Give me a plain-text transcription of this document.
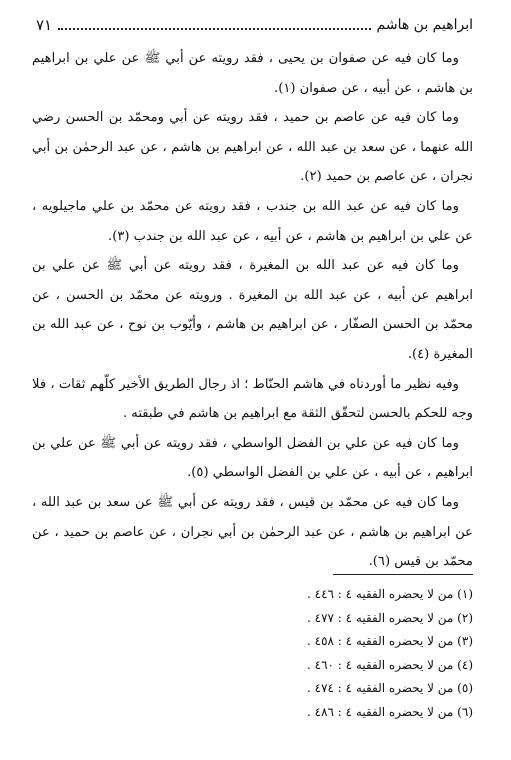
ابراهيم بن هاشم
٧١

وما كان فيه عن صفوان بن يحيى ، فقد رويته عن أبي ﷺ عن علي بن ابراهيم بن هاشم ، عن أبيه ، عن صفوان (١).

وما كان فيه عن عاصم بن حميد ، فقد رويته عن أبي ومحمّد بن الحسن رضي الله عنهما ، عن سعد بن عبد الله ، عن ابراهيم بن هاشم ، عن عبد الرحمٰن بن أبي نجران ، عن عاصم بن حميد (٢).

وما كان فيه عن عبد الله بن جندب ، فقد رويته عن محمّد بن علي ماجيلويه ، عن علي بن ابراهيم بن هاشم ، عن أبيه ، عن عبد الله بن جندب (٣).

وما كان فيه عن عبد الله بن المغيرة ، فقد رويته عن أبي ﷺ عن علي بن ابراهيم عن أبيه ، عن عبد الله بن المغيرة . ورويته عن محمّد بن الحسن ، عن محمّد بن الحسن الصفّار ، عن ابراهيم بن هاشم ، وأيّوب بن نوح ، عن عبد الله بن المغيرة (٤).

وفيه نظير ما أوردناه في هاشم الحنّاط ؛ اذ رجال الطريق الأخير كلّهم ثقات ، فلا وجه للحكم بالحسن لتحقّق الثقة مع ابراهيم بن هاشم في طبقته .

وما كان فيه عن علي بن الفضل الواسطي ، فقد رويته عن أبي ﷺ عن علي بن ابراهيم ، عن أبيه ، عن علي بن الفضل الواسطي (٥).

وما كان فيه عن محمّد بن قيس ، فقد رويته عن أبي ﷺ عن سعد بن عبد الله ، عن ابراهيم بن هاشم ، عن عبد الرحمٰن بن أبي نجران ، عن عاصم بن حميد ، عن محمّد بن قيس (٦).

(١) من لا يحضره الفقيه ٤ : ٤٤٦ .
(٢) من لا يحضره الفقيه ٤ : ٤٧٧ .
(٣) من لا يحضره الفقيه ٤ : ٤٥٨ .
(٤) من لا يحضره الفقيه ٤ : ٤٦٠ .
(٥) من لا يحضره الفقيه ٤ : ٤٧٤ .
(٦) من لا يحضره الفقيه ٤ : ٤٨٦ .
